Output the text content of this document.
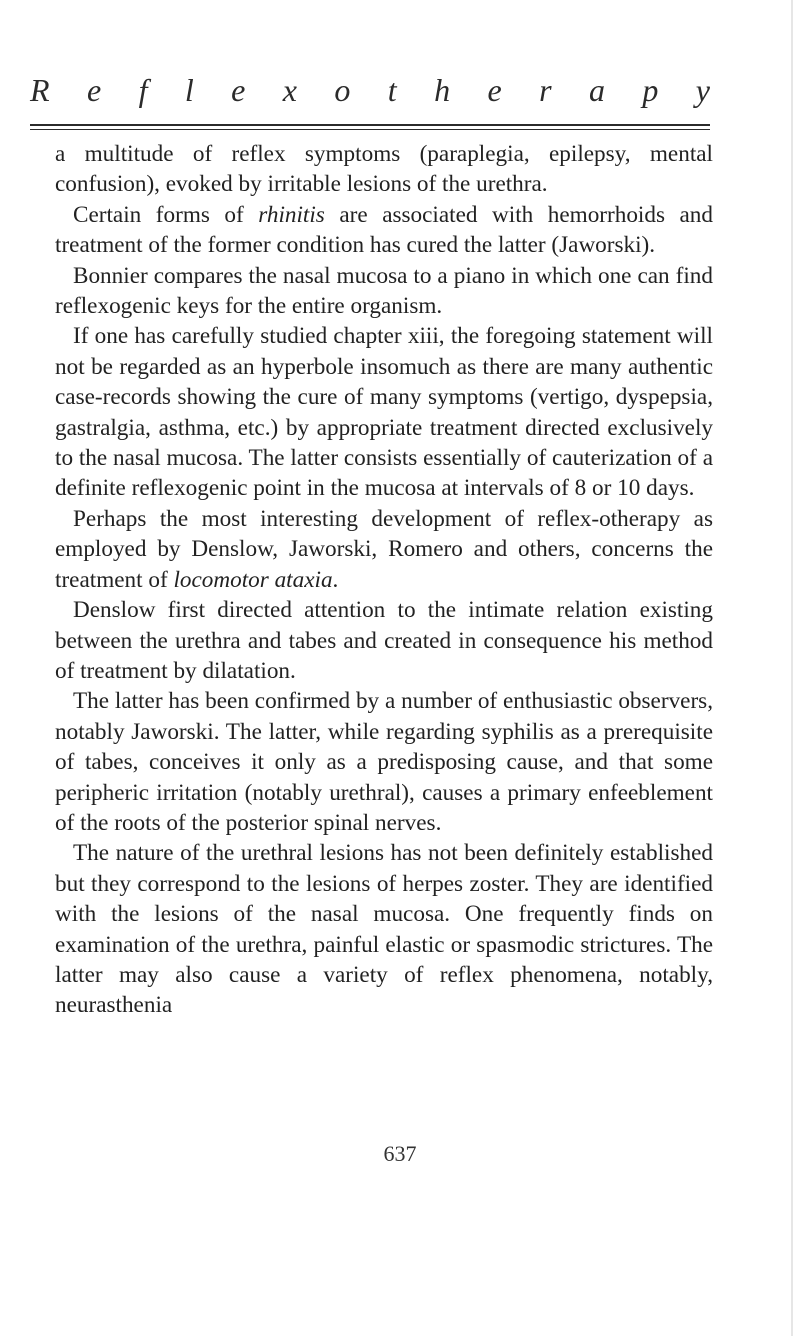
R e f l e x o t h e r a p y

a multitude of reflex symptoms (paraplegia, epilepsy, mental confusion), evoked by irritable lesions of the urethra.

Certain forms of rhinitis are associated with hemorrhoids and treatment of the former condition has cured the latter (Jaworski).

Bonnier compares the nasal mucosa to a piano in which one can find reflexogenic keys for the entire organism.

If one has carefully studied chapter xiii, the foregoing statement will not be regarded as an hyperbole insomuch as there are many authentic case-records showing the cure of many symptoms (vertigo, dyspepsia, gastralgia, asthma, etc.) by appropriate treatment directed exclusively to the nasal mucosa. The latter consists essentially of cauterization of a definite reflexogenic point in the mucosa at intervals of 8 or 10 days.

Perhaps the most interesting development of reflex-otherapy as employed by Denslow, Jaworski, Romero and others, concerns the treatment of locomotor ataxia.

Denslow first directed attention to the intimate relation existing between the urethra and tabes and created in consequence his method of treatment by dilatation.

The latter has been confirmed by a number of enthusiastic observers, notably Jaworski. The latter, while regarding syphilis as a prerequisite of tabes, conceives it only as a predisposing cause, and that some peripheric irritation (notably urethral), causes a primary enfeeblement of the roots of the posterior spinal nerves.

The nature of the urethral lesions has not been definitely established but they correspond to the lesions of herpes zoster. They are identified with the lesions of the nasal mucosa. One frequently finds on examination of the urethra, painful elastic or spasmodic strictures. The latter may also cause a variety of reflex phenomena, notably, neurasthenia

637
